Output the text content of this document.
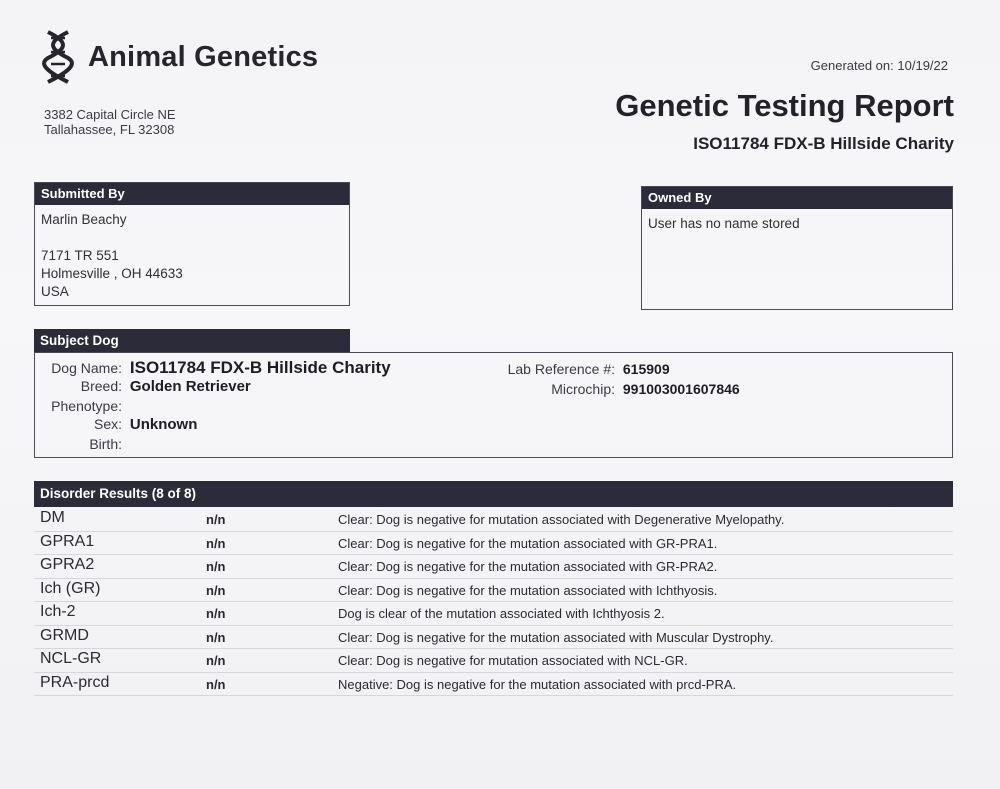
Animal Genetics
3382 Capital Circle NE
Tallahassee, FL 32308
Generated on: 10/19/22
Genetic Testing Report
ISO11784 FDX-B Hillside Charity
Submitted By
Marlin Beachy
7171 TR 551
Holmesville , OH 44633
USA
Owned By
User has no name stored
Subject Dog
Dog Name: ISO11784 FDX-B Hillside Charity
Breed: Golden Retriever
Phenotype:
Sex: Unknown
Birth:
Lab Reference #: 615909
Microchip: 991003001607846
Disorder Results (8 of 8)
DM	n/n	Clear: Dog is negative for mutation associated with Degenerative Myelopathy.
GPRA1	n/n	Clear: Dog is negative for the mutation associated with GR-PRA1.
GPRA2	n/n	Clear: Dog is negative for the mutation associated with GR-PRA2.
Ich (GR)	n/n	Clear: Dog is negative for the mutation associated with Ichthyosis.
Ich-2	n/n	Dog is clear of the mutation associated with Ichthyosis 2.
GRMD	n/n	Clear: Dog is negative for the mutation associated with Muscular Dystrophy.
NCL-GR	n/n	Clear: Dog is negative for mutation associated with NCL-GR.
PRA-prcd	n/n	Negative: Dog is negative for the mutation associated with prcd-PRA.
